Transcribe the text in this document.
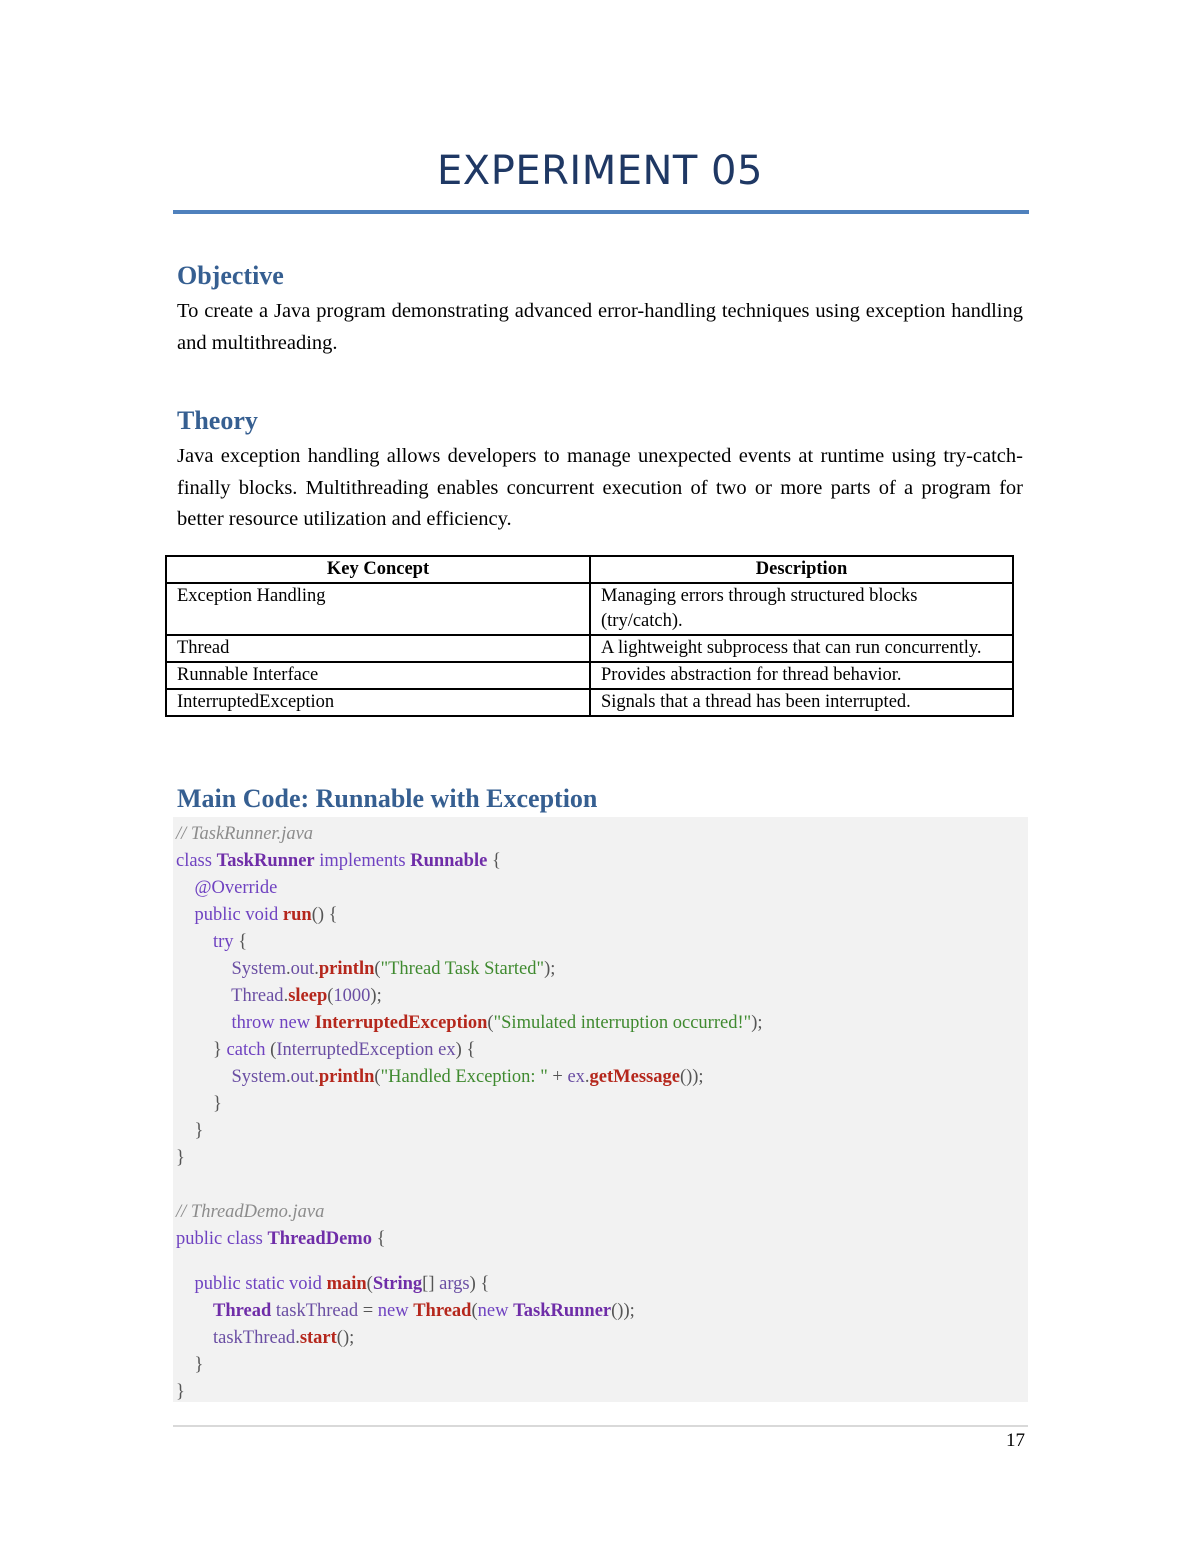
EXPERIMENT 05
Objective

To create a Java program demonstrating advanced error-handling techniques using exception handling and multithreading.

Theory

Java exception handling allows developers to manage unexpected events at runtime using try-catch-finally blocks. Multithreading enables concurrent execution of two or more parts of a program for better resource utilization and efficiency.

Key Concept	Description
Exception Handling	Managing errors through structured blocks (try/catch).
Thread	A lightweight subprocess that can run concurrently.
Runnable Interface	Provides abstraction for thread behavior.
InterruptedException	Signals that a thread has been interrupted.
Main Code: Runnable with Exception
// TaskRunner.java
class TaskRunner implements Runnable {
@Override
public void run() {
try {
System.out.println("Thread Task Started");
Thread.sleep(1000);
throw new InterruptedException("Simulated interruption occurred!");
} catch (InterruptedException ex) {
System.out.println("Handled Exception: " + ex.getMessage());
}
}
}
// ThreadDemo.java
public class ThreadDemo {
public static void main(String[] args) {
Thread taskThread = new Thread(new TaskRunner());
taskThread.start();
}
}
17
